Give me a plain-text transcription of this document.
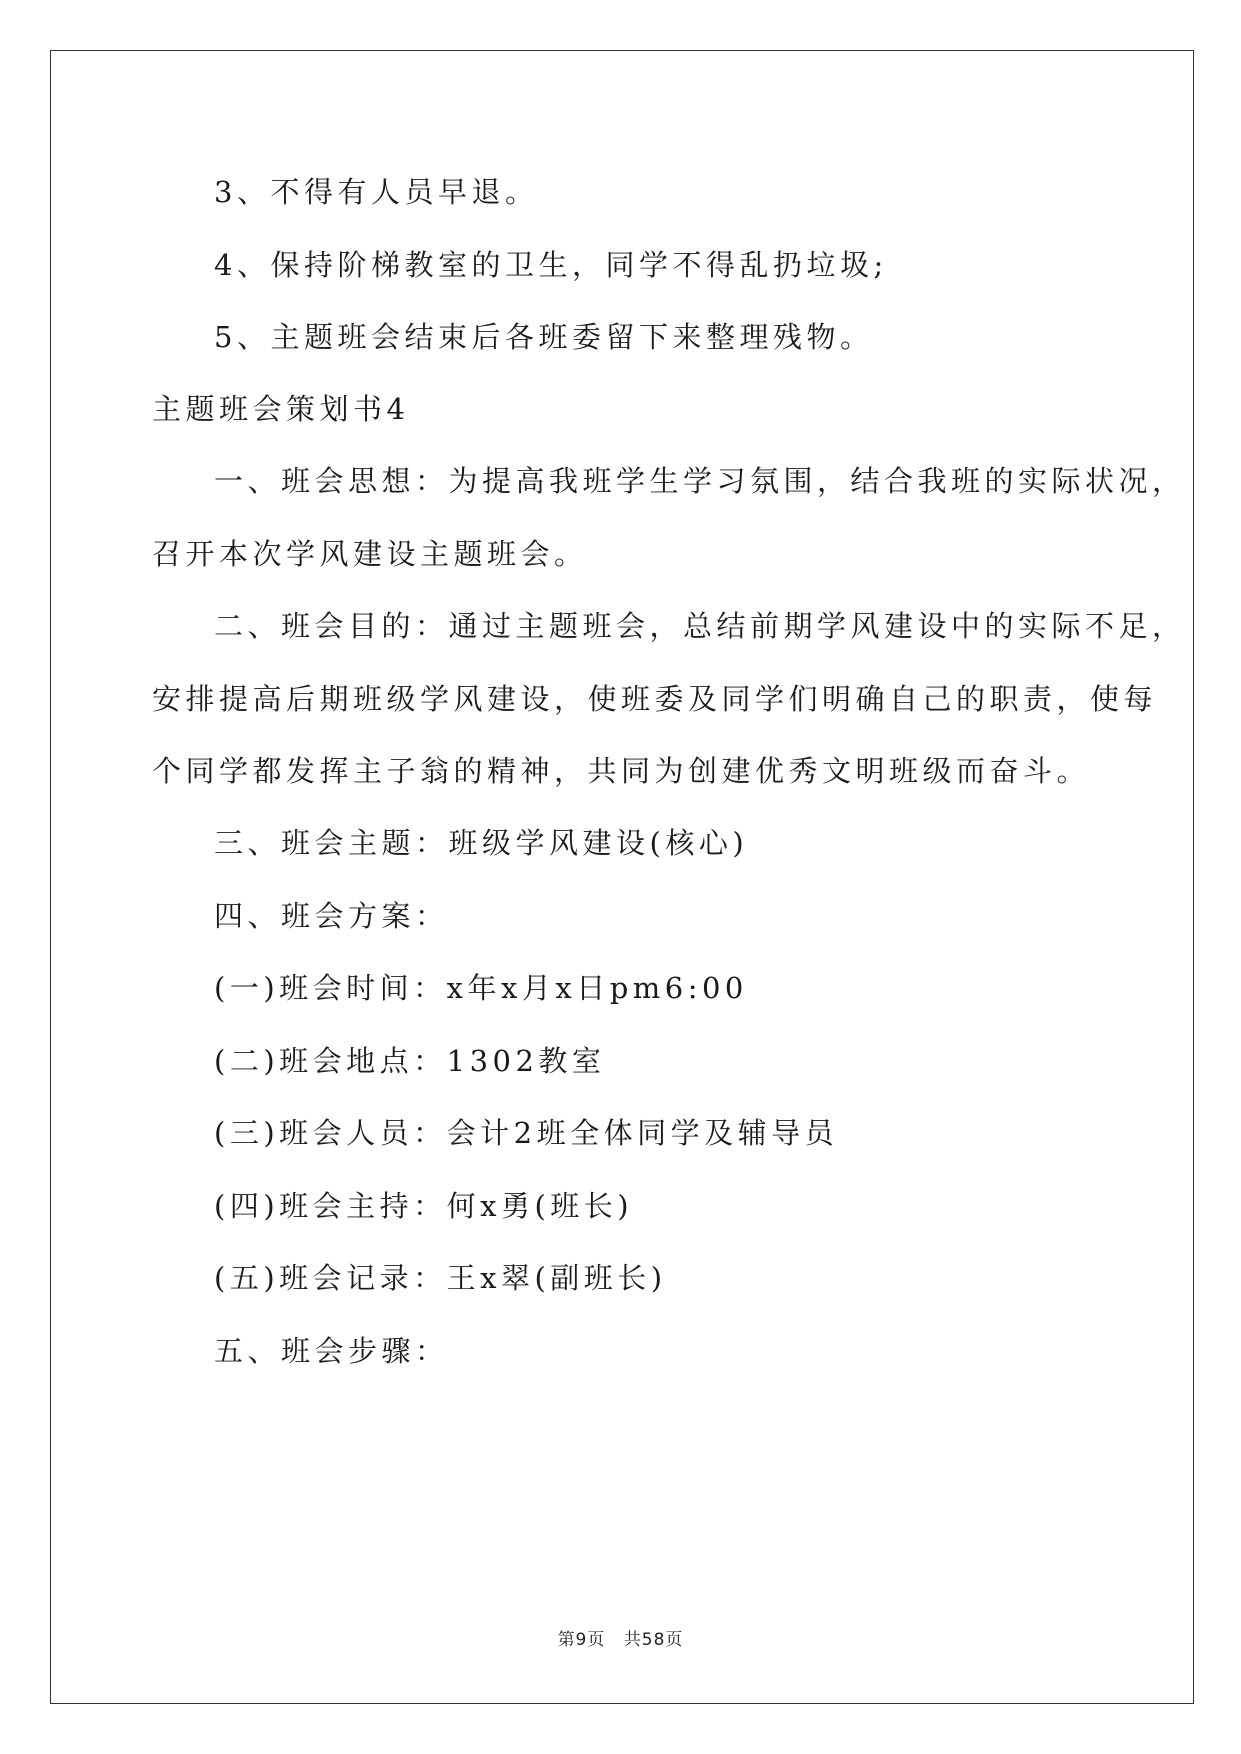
3、不得有人员早退。
4、保持阶梯教室的卫生，同学不得乱扔垃圾;
5、主题班会结束后各班委留下来整理残物。
主题班会策划书4
一、班会思想：为提高我班学生学习氛围，结合我班的实际状况，
召开本次学风建设主题班会。
二、班会目的：通过主题班会，总结前期学风建设中的实际不足，
安排提高后期班级学风建设，使班委及同学们明确自己的职责，使每
个同学都发挥主子翁的精神，共同为创建优秀文明班级而奋斗。
三、班会主题：班级学风建设(核心)
四、班会方案：
(一)班会时间：x年x月x日pm6:00
(二)班会地点：1302教室
(三)班会人员：会计2班全体同学及辅导员
(四)班会主持：何x勇(班长)
(五)班会记录：王x翠(副班长)
五、班会步骤：
第9页 共58页
